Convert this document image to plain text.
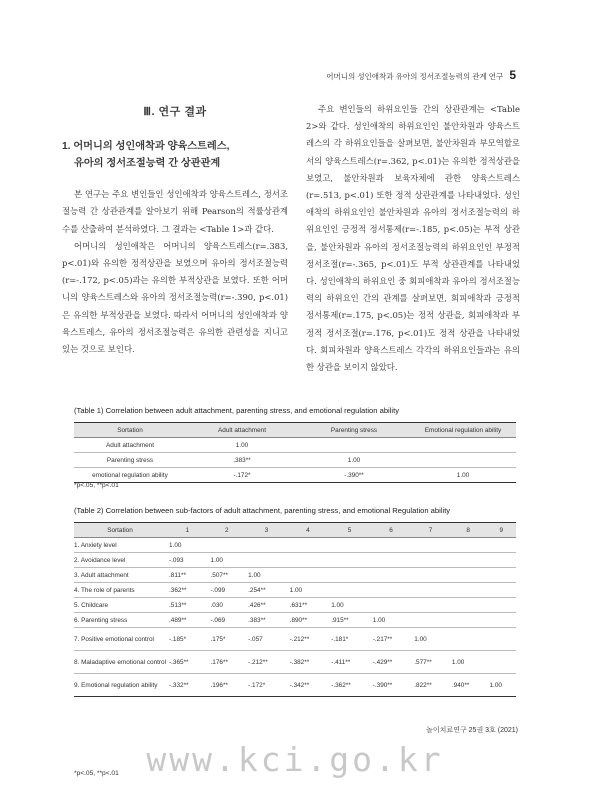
어머니의 성인애착과 유아의 정서조절능력의 관계 연구 5
Ⅲ. 연구 결과
1. 어머니의 성인애착과 양육스트레스,
유아의 정서조절능력 간 상관관계

본 연구는 주요 변인들인 성인애착과 양육스트레스, 정서조절능력 간 상관관계를 알아보기 위해 Pearson의 적률상관계수를 산출하여 분석하였다. 그 결과는 <Table 1>과 같다.

어머니의 성인애착은 어머니의 양육스트레스(r=.383, p<.01)와 유의한 정적상관을 보였으며 유아의 정서조절능력(r=-.172, p<.05)과는 유의한 부적상관을 보였다. 또한 어머니의 양육스트레스와 유아의 정서조절능력(r=-.390, p<.01)은 유의한 부적상관을 보였다. 따라서 어머니의 성인애착과 양육스트레스, 유아의 정서조절능력은 유의한 관련성을 지니고 있는 것으로 보인다.

주요 변인들의 하위요인들 간의 상관관계는 <Table 2>와 같다. 성인애착의 하위요인인 불안차원과 양육스트레스의 각 하위요인들을 살펴보면, 불안차원과 부모역할로서의 양육스트레스(r=.362, p<.01)는 유의한 정적상관을 보였고, 불안차원과 보육자체에 관한 양육스트레스(r=.513, p<.01) 또한 정적 상관관계를 나타내었다. 성인애착의 하위요인인 불안차원과 유아의 정서조절능력의 하위요인인 긍정적 정서통제(r=-.185, p<.05)는 부적 상관을, 불안차원과 유아의 정서조절능력의 하위요인인 부정적 정서조절(r=-.365, p<.01)도 부적 상관관계를 나타내었다. 성인애착의 하위요인 중 회피애착과 유아의 정서조절능력의 하위요인 간의 관계를 살펴보면, 회피애착과 긍정적 정서통제(r=.175, p<.05)는 정적 상관을, 회피애착과 부정적 정서조절(r=.176, p<.01)도 정적 상관을 나타내었다. 회피차원과 양육스트레스 각각의 하위요인들과는 유의한 상관을 보이지 않았다.

(Table 1) Correlation between adult attachment, parenting stress, and emotional regulation ability
Sortation	Adult attachment	Parenting stress	Emotional regulation ability
Adult attachment	1.00		
Parenting stress	.383**	1.00	
emotional regulation ability	-.172*	-.390**	1.00
*p<.05, **p<.01
(Table 2) Correlation between sub-factors of adult attachment, parenting stress, and emotional Regulation ability
Sortation	1	2	3	4	5	6	7	8	9
1. Anxiety level	1.00								
2. Avoidance level	-.093	1.00							
3. Adult attachment	.811**	.507**	1.00						
4. The role of parents	.362**	-.099	.254**	1.00					
5. Childcare	.513**	.030	.426**	.631**	1.00				
6. Parenting stress	.489**	-.069	.383**	.890**	.915**	1.00			
7. Positive emotional control	-.185*	.175*	-.057	-.212**	-.181*	-.217**	1.00		
8. Maladaptive emotional control	-.365**	.176**	-.212**	-.382**	-.411**	-.429**	.577**	1.00	
9. Emotional regulation ability	-.332**	.196**	-.172*	-.342**	-.362**	-.390**	.822**	.940**	1.00
*p<.05, **p<.01 www.kci.go.kr
놀이치료연구 25권 3호 (2021)
